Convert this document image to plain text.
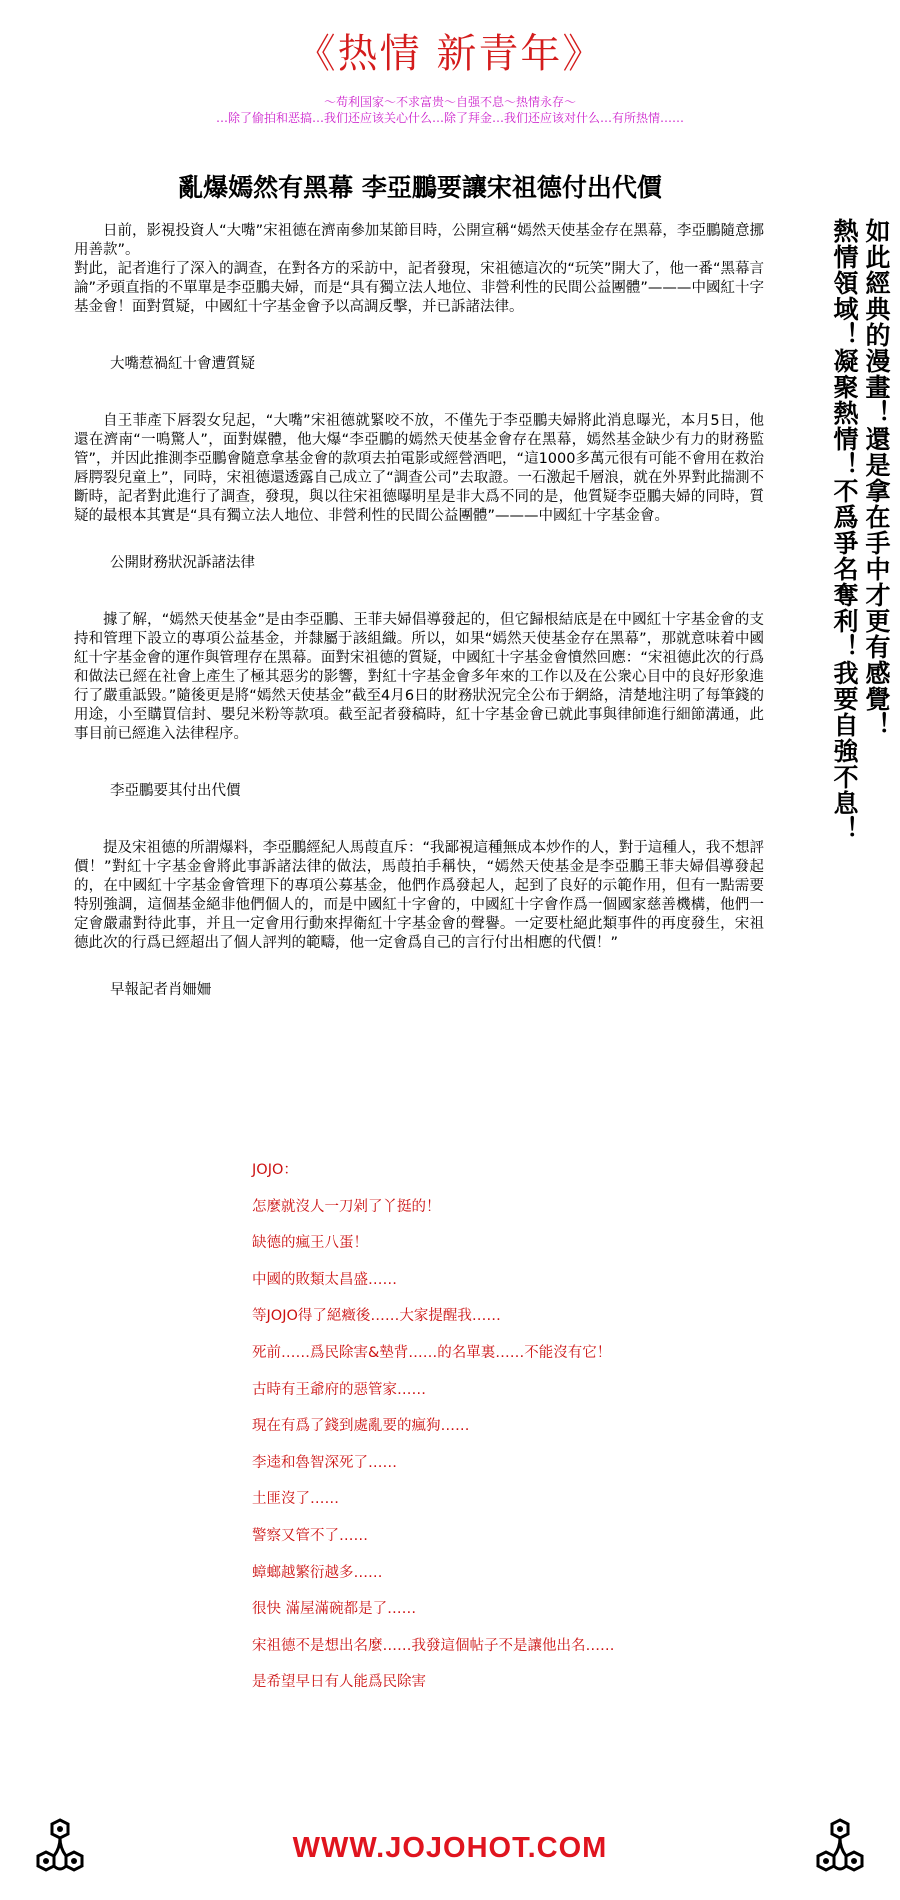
《热情 新青年》
～苟利国家～不求富贵～自强不息～热情永存～
…除了偷拍和恶搞…我们还应该关心什么…除了拜金…我们还应该对什么…有所热情……
亂爆嫣然有黑幕 李亞鵬要讓宋祖德付出代價

日前，影視投資人“大嘴”宋祖德在濟南參加某節目時，公開宣稱“嫣然天使基金存在黑幕，李亞鵬隨意挪用善款”。

對此，記者進行了深入的調查，在對各方的采訪中，記者發現，宋祖德這次的“玩笑”開大了，他一番“黑幕言論”矛頭直指的不單單是李亞鵬夫婦，而是“具有獨立法人地位、非營利性的民間公益團體”———中國紅十字基金會！面對質疑，中國紅十字基金會予以高調反擊，并已訴諸法律。

大嘴惹禍紅十會遭質疑

自王菲產下唇裂女兒起，“大嘴”宋祖德就緊咬不放，不僅先于李亞鵬夫婦將此消息曝光，本月5日，他還在濟南“一鳴驚人”，面對媒體，他大爆“李亞鵬的嫣然天使基金會存在黑幕，嫣然基金缺少有力的財務監管”，并因此推測李亞鵬會隨意拿基金會的款項去拍電影或經營酒吧，“這1000多萬元很有可能不會用在救治唇腭裂兒童上”，同時，宋祖德還透露自己成立了“調查公司”去取證。一石激起千層浪，就在外界對此揣測不斷時，記者對此進行了調查，發現，與以往宋祖德曝明星是非大爲不同的是，他質疑李亞鵬夫婦的同時，質疑的最根本其實是“具有獨立法人地位、非營利性的民間公益團體”———中國紅十字基金會。

公開財務狀況訴諸法律

據了解，“嫣然天使基金”是由李亞鵬、王菲夫婦倡導發起的，但它歸根結底是在中國紅十字基金會的支持和管理下設立的專項公益基金，并隸屬于該組織。所以，如果“嫣然天使基金存在黑幕”，那就意味着中國紅十字基金會的運作與管理存在黑幕。面對宋祖德的質疑，中國紅十字基金會憤然回應：“宋祖德此次的行爲和做法已經在社會上產生了極其惡劣的影響，對紅十字基金會多年來的工作以及在公衆心目中的良好形象進行了嚴重詆毀。”隨後更是將“嫣然天使基金”截至4月6日的財務狀況完全公布于網絡，清楚地注明了每筆錢的用途，小至購買信封、嬰兒米粉等款項。截至記者發稿時，紅十字基金會已就此事與律師進行細節溝通，此事目前已經進入法律程序。

李亞鵬要其付出代價

提及宋祖德的所謂爆料，李亞鵬經紀人馬葭直斥：“我鄙視這種無成本炒作的人，對于這種人，我不想評價！”對紅十字基金會將此事訴諸法律的做法，馬葭拍手稱快，“嫣然天使基金是李亞鵬王菲夫婦倡導發起的，在中國紅十字基金會管理下的專項公募基金，他們作爲發起人，起到了良好的示範作用，但有一點需要特别強調，這個基金絕非他們個人的，而是中國紅十字會的，中國紅十字會作爲一個國家慈善機構，他們一定會嚴肅對待此事，并且一定會用行動來捍衛紅十字基金會的聲譽。一定要杜絕此類事件的再度發生，宋祖德此次的行爲已經超出了個人評判的範疇，他一定會爲自己的言行付出相應的代價！”

早報記者肖姍姍

如此經典的漫畫！還是拿在手中才更有感覺！
熱情領域！凝聚熱情！不爲爭名奪利！我要自強不息！
JOJO：
怎麼就沒人一刀剁了丫挺的！
缺德的瘋王八蛋！
中國的敗類太昌盛……
等JOJO得了絕癥後……大家提醒我……
死前……爲民除害&墊背……的名單裏……不能沒有它！
古時有王爺府的惡管家……
現在有爲了錢到處亂要的瘋狗……
李逵和魯智深死了……
土匪沒了……
警察又管不了……
蟑螂越繁衍越多……
很快 滿屋滿碗都是了……
宋祖德不是想出名麼……我發這個帖子不是讓他出名……
是希望早日有人能爲民除害
WWW.JOJOHOT.COM
